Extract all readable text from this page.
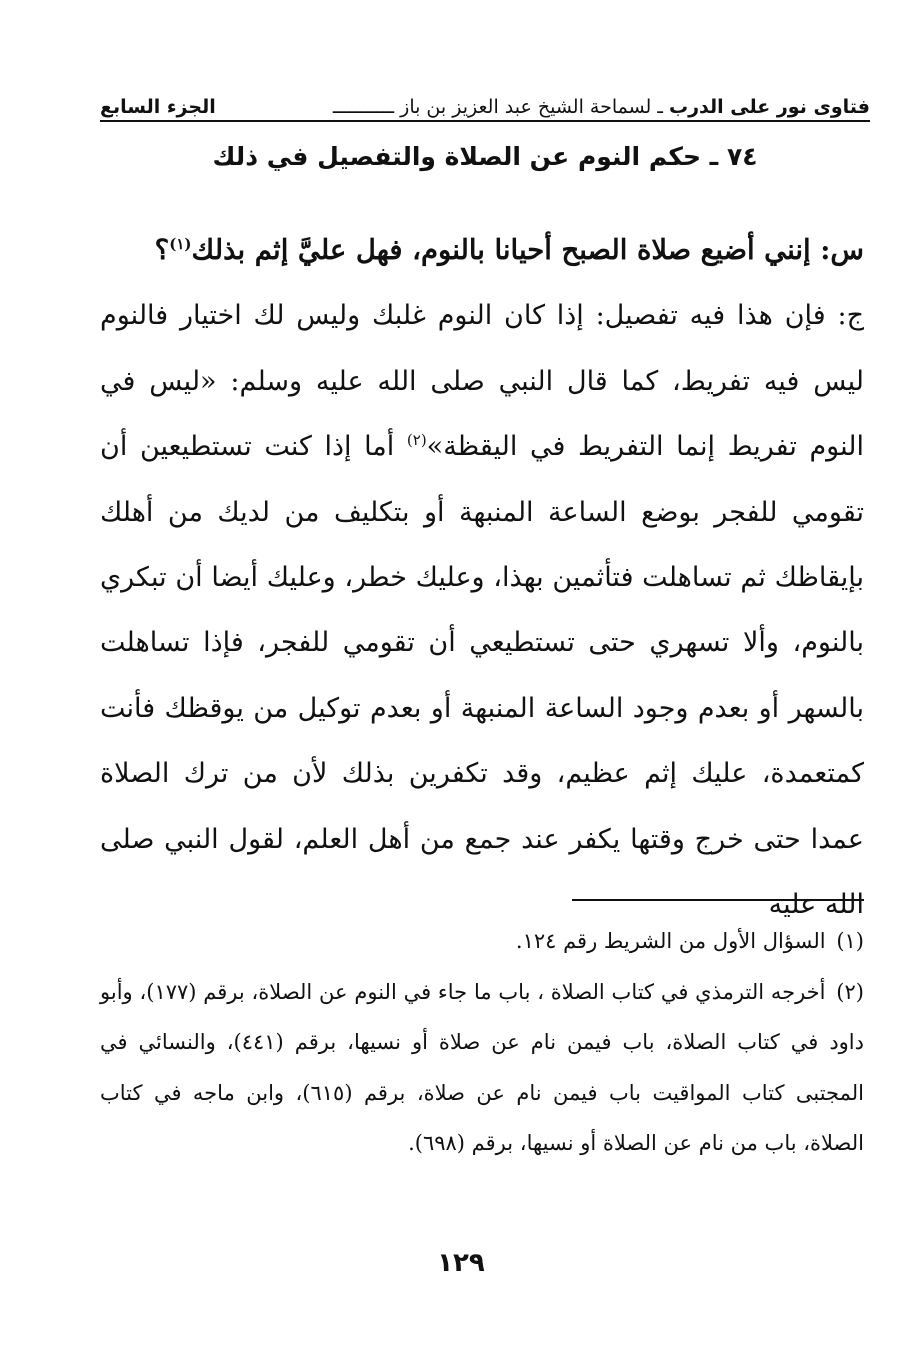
فتاوى نور على الدرب ـ لسماحة الشيخ عبد العزيز بن باز ـــــــــــ
الجزء السابع
٧٤ ـ حكم النوم عن الصلاة والتفصيل في ذلك

س: إنني أضيع صلاة الصبح أحيانا بالنوم، فهل عليَّ إثم بذلك$^{(١)}$؟

ج: فإن هذا فيه تفصيل: إذا كان النوم غلبك وليس لك اختيار فالنوم ليس فيه تفريط، كما قال النبي صلى الله عليه وسلم: «ليس في النوم تفريط إنما التفريط في اليقظة»$^{(٢)}$ أما إذا كنت تستطيعين أن تقومي للفجر بوضع الساعة المنبهة أو بتكليف من لديك من أهلك بإيقاظك ثم تساهلت فتأثمين بهذا، وعليك خطر، وعليك أيضا أن تبكري بالنوم، وألا تسهري حتى تستطيعي أن تقومي للفجر، فإذا تساهلت بالسهر أو بعدم وجود الساعة المنبهة أو بعدم توكيل من يوقظك فأنت كمتعمدة، عليك إثم عظيم، وقد تكفرين بذلك لأن من ترك الصلاة عمدا حتى خرج وقتها يكفر عند جمع من أهل العلم، لقول النبي صلى الله عليه

(١) السؤال الأول من الشريط رقم ١٢٤.

(٢) أخرجه الترمذي في كتاب الصلاة ، باب ما جاء في النوم عن الصلاة، برقم (١٧٧)، وأبو داود في كتاب الصلاة، باب فيمن نام عن صلاة أو نسيها، برقم (٤٤١)، والنسائي في المجتبى كتاب المواقيت باب فيمن نام عن صلاة، برقم (٦١٥)، وابن ماجه في كتاب الصلاة، باب من نام عن الصلاة أو نسيها، برقم (٦٩٨).

١٢٩
